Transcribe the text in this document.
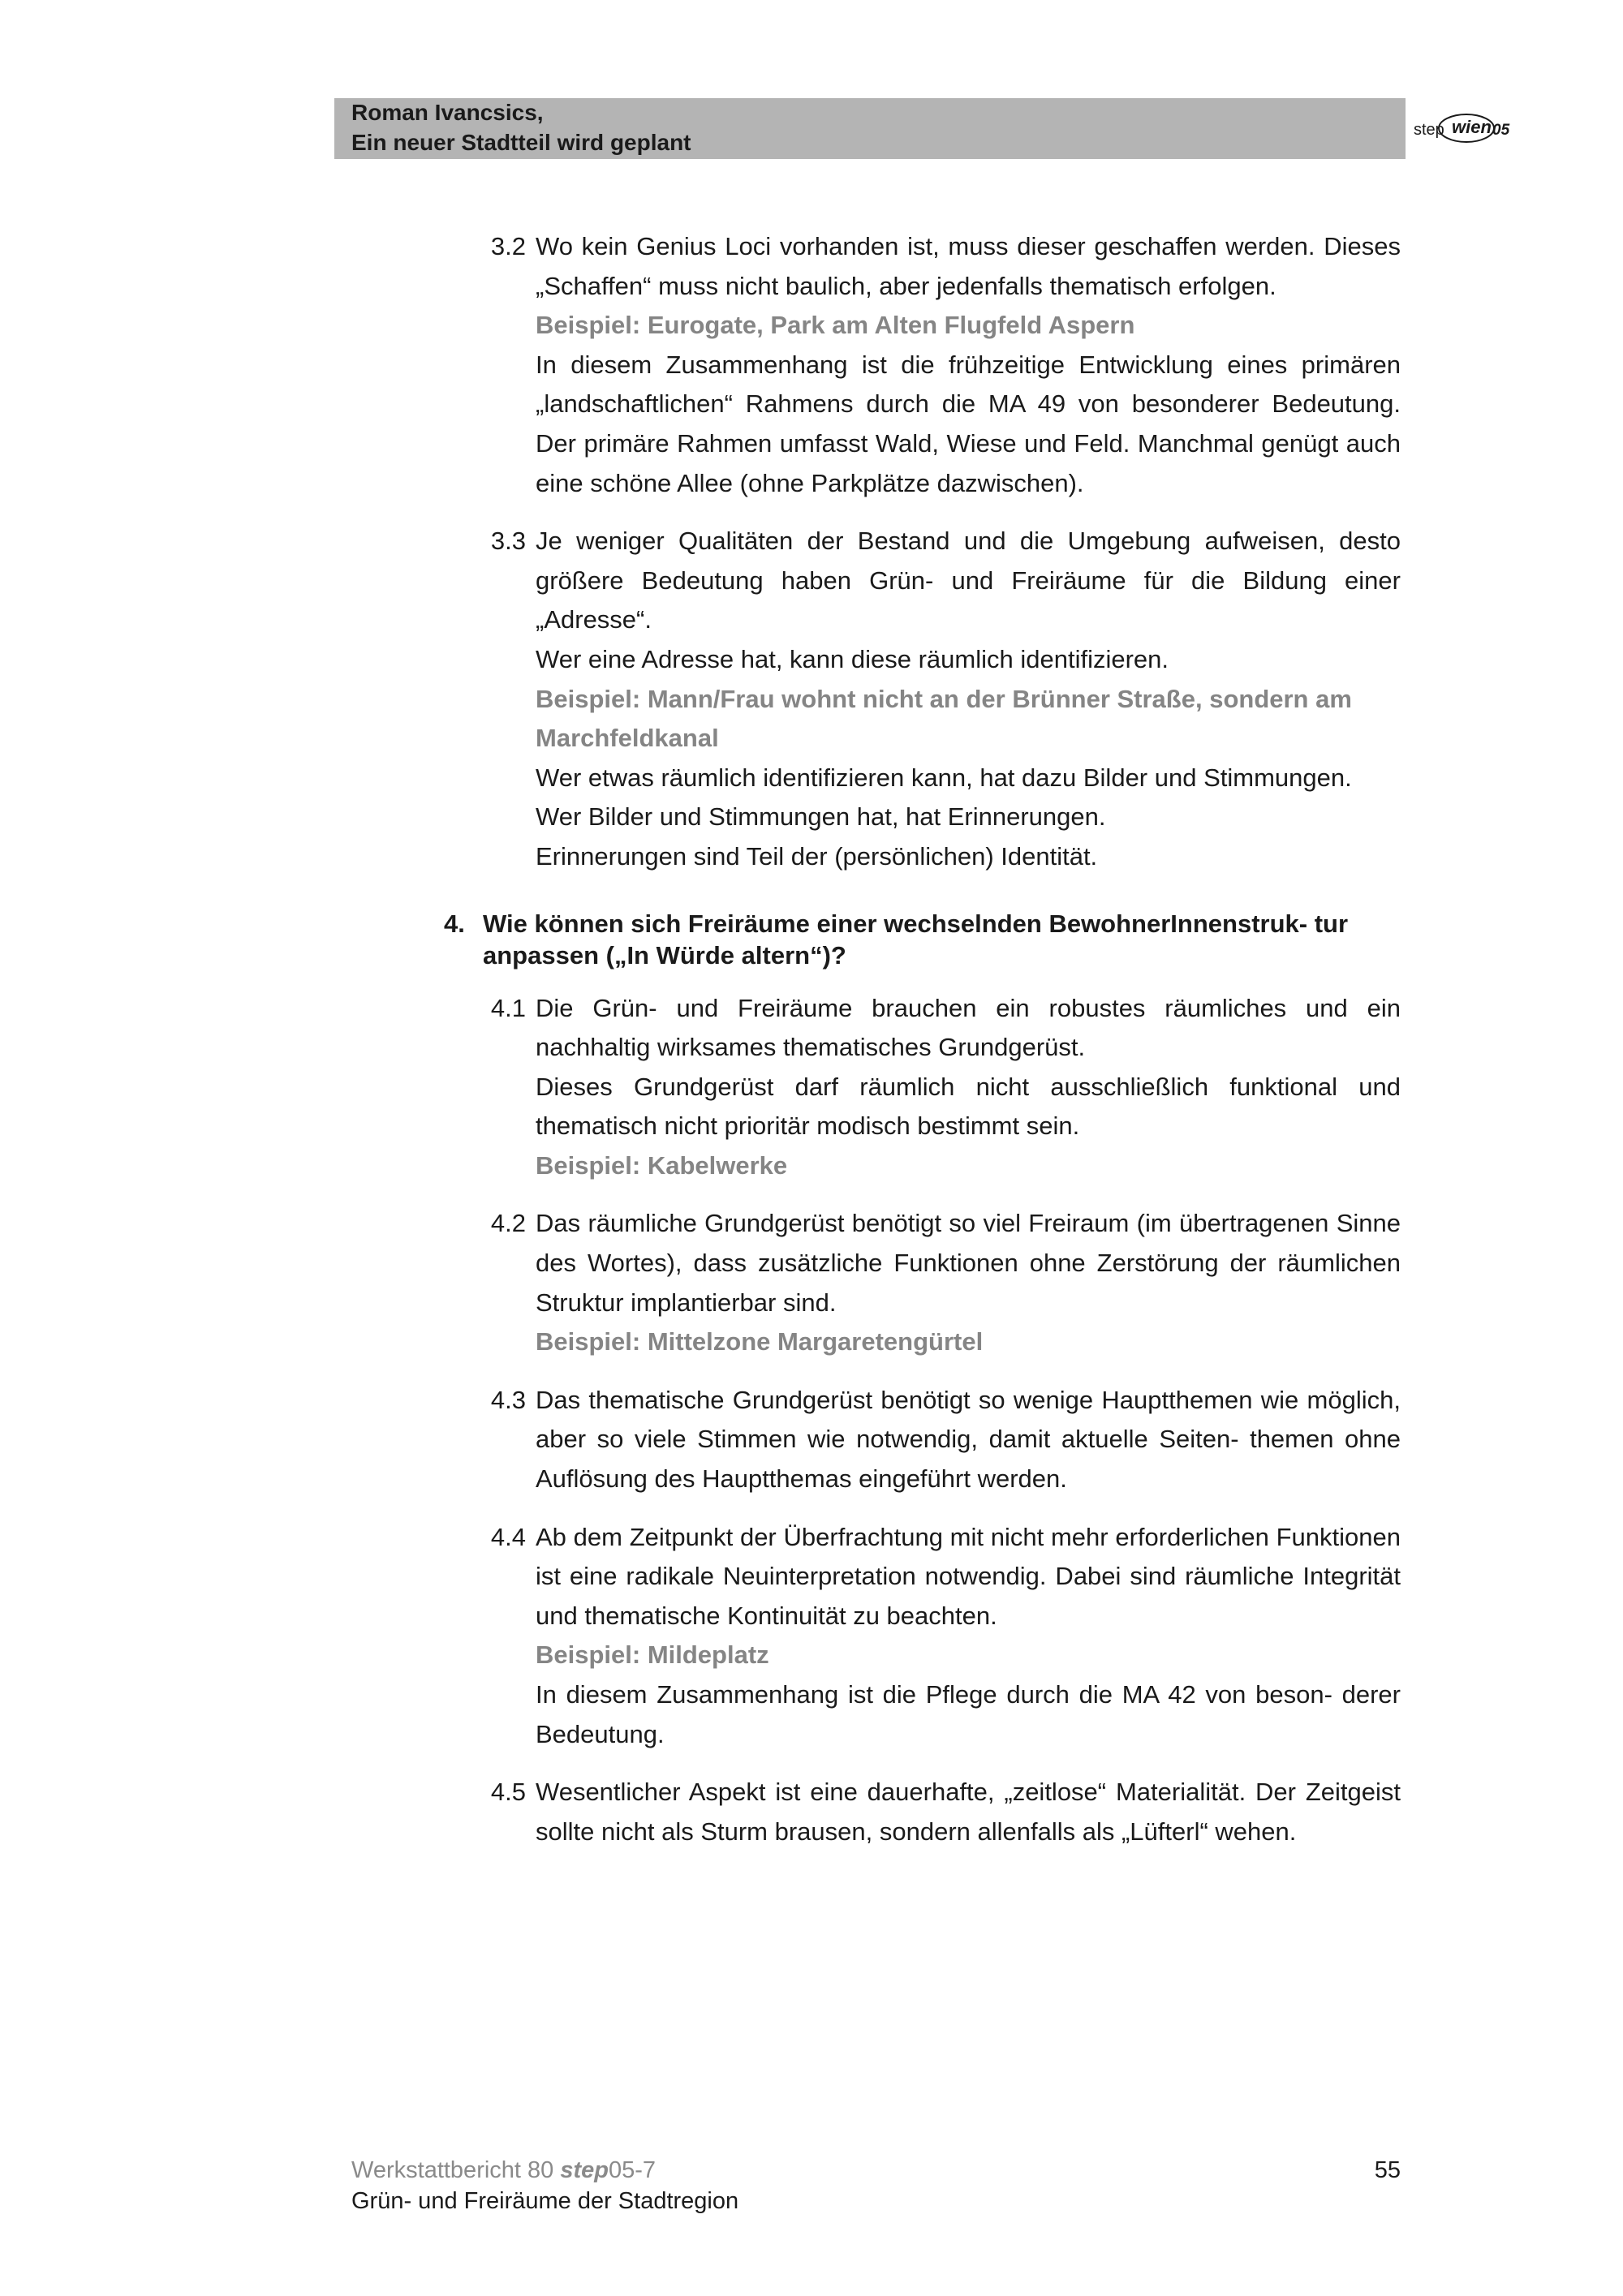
Roman Ivancsics,
Ein neuer Stadtteil wird geplant	step wien 05
3.2 Wo kein Genius Loci vorhanden ist, muss dieser geschaffen werden. Dieses „Schaffen“ muss nicht baulich, aber jedenfalls thematisch erfolgen.

Beispiel: Eurogate, Park am Alten Flugfeld Aspern

In diesem Zusammenhang ist die frühzeitige Entwicklung eines primären „landschaftlichen“ Rahmens durch die MA 49 von besonderer Bedeutung. Der primäre Rahmen umfasst Wald, Wiese und Feld. Manchmal genügt auch eine schöne Allee (ohne Parkplätze dazwischen).

3.3 Je weniger Qualitäten der Bestand und die Umgebung aufweisen, desto größere Bedeutung haben Grün- und Freiräume für die Bildung einer „Adresse“.

Wer eine Adresse hat, kann diese räumlich identifizieren.

Beispiel: Mann/Frau wohnt nicht an der Brünner Straße, sondern am Marchfeldkanal

Wer etwas räumlich identifizieren kann, hat dazu Bilder und Stimmungen.

Wer Bilder und Stimmungen hat, hat Erinnerungen.

Erinnerungen sind Teil der (persönlichen) Identität.

4. Wie können sich Freiräume einer wechselnden BewohnerInnenstruk- tur anpassen („In Würde altern“)?
4.1 Die Grün- und Freiräume brauchen ein robustes räumliches und ein nachhaltig wirksames thematisches Grundgerüst.

Dieses Grundgerüst darf räumlich nicht ausschließlich funktional und thematisch nicht prioritär modisch bestimmt sein.

Beispiel: Kabelwerke

4.2 Das räumliche Grundgerüst benötigt so viel Freiraum (im übertragenen Sinne des Wortes), dass zusätzliche Funktionen ohne Zerstörung der räumlichen Struktur implantierbar sind.

Beispiel: Mittelzone Margaretengürtel

4.3 Das thematische Grundgerüst benötigt so wenige Hauptthemen wie möglich, aber so viele Stimmen wie notwendig, damit aktuelle Seiten- themen ohne Auflösung des Hauptthemas eingeführt werden.

4.4 Ab dem Zeitpunkt der Überfrachtung mit nicht mehr erforderlichen Funktionen ist eine radikale Neuinterpretation notwendig. Dabei sind räumliche Integrität und thematische Kontinuität zu beachten.

Beispiel: Mildeplatz

In diesem Zusammenhang ist die Pflege durch die MA 42 von beson- derer Bedeutung.

4.5 Wesentlicher Aspekt ist eine dauerhafte, „zeitlose“ Materialität. Der Zeitgeist sollte nicht als Sturm brausen, sondern allenfalls als „Lüfterl“ wehen.

Werkstattbericht 80 step05-7
Grün- und Freiräume der Stadtregion
55
